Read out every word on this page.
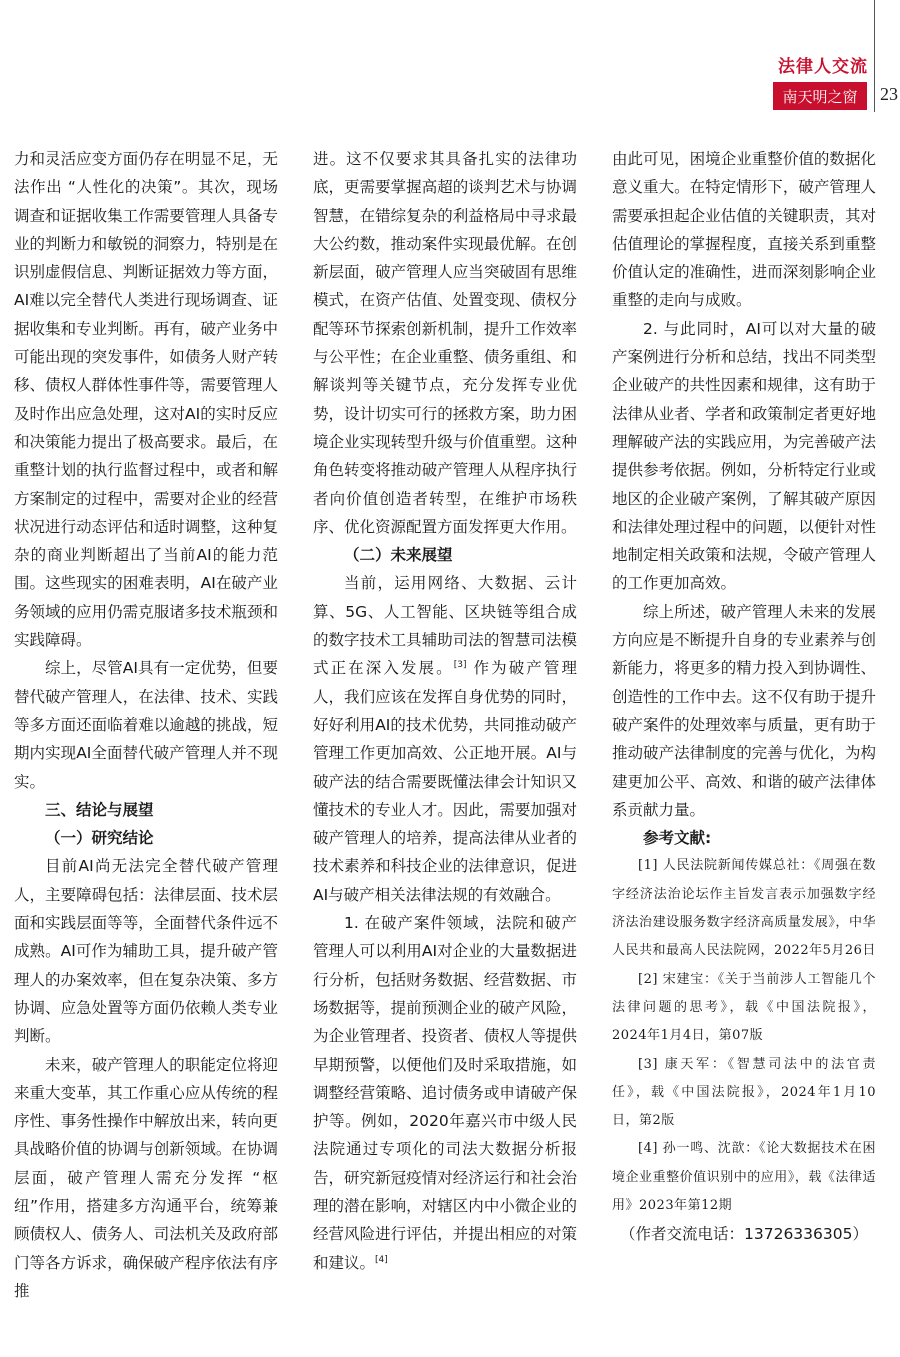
法律人交流
南天明之窗	23

力和灵活应变方面仍存在明显不足，无法作出 “人性化的决策”。其次，现场调查和证据收集工作需要管理人具备专业的判断力和敏锐的洞察力，特别是在识别虚假信息、判断证据效力等方面，AI难以完全替代人类进行现场调查、证据收集和专业判断。再有，破产业务中可能出现的突发事件，如债务人财产转移、债权人群体性事件等，需要管理人及时作出应急处理，这对AI的实时反应和决策能力提出了极高要求。最后，在重整计划的执行监督过程中，或者和解方案制定的过程中，需要对企业的经营状况进行动态评估和适时调整，这种复杂的商业判断超出了当前AI的能力范围。这些现实的困难表明，AI在破产业务领域的应用仍需克服诸多技术瓶颈和实践障碍。

综上，尽管AI具有一定优势，但要替代破产管理人，在法律、技术、实践等多方面还面临着难以逾越的挑战，短期内实现AI全面替代破产管理人并不现实。

三、结论与展望

（一）研究结论

目前AI尚无法完全替代破产管理人，主要障碍包括：法律层面、技术层面和实践层面等等，全面替代条件远不成熟。AI可作为辅助工具，提升破产管理人的办案效率，但在复杂决策、多方协调、应急处置等方面仍依赖人类专业判断。

未来，破产管理人的职能定位将迎来重大变革，其工作重心应从传统的程序性、事务性操作中解放出来，转向更具战略价值的协调与创新领域。在协调层面，破产管理人需充分发挥 “枢纽”作用，搭建多方沟通平台，统筹兼顾债权人、债务人、司法机关及政府部门等各方诉求，确保破产程序依法有序推

进。这不仅要求其具备扎实的法律功底，更需要掌握高超的谈判艺术与协调智慧，在错综复杂的利益格局中寻求最大公约数，推动案件实现最优解。在创新层面，破产管理人应当突破固有思维模式，在资产估值、处置变现、债权分配等环节探索创新机制，提升工作效率与公平性；在企业重整、债务重组、和解谈判等关键节点，充分发挥专业优势，设计切实可行的拯救方案，助力困境企业实现转型升级与价值重塑。这种角色转变将推动破产管理人从程序执行者向价值创造者转型，在维护市场秩序、优化资源配置方面发挥更大作用。

（二）未来展望

当前，运用网络、大数据、云计算、5G、人工智能、区块链等组合成的数字技术工具辅助司法的智慧司法模式正在深入发展。[3] 作为破产管理人，我们应该在发挥自身优势的同时，好好利用AI的技术优势，共同推动破产管理工作更加高效、公正地开展。AI与破产法的结合需要既懂法律会计知识又懂技术的专业人才。因此，需要加强对破产管理人的培养，提高法律从业者的技术素养和科技企业的法律意识，促进AI与破产相关法律法规的有效融合。

1. 在破产案件领域，法院和破产管理人可以利用AI对企业的大量数据进行分析，包括财务数据、经营数据、市场数据等，提前预测企业的破产风险，为企业管理者、投资者、债权人等提供早期预警，以便他们及时采取措施，如调整经营策略、追讨债务或申请破产保护等。例如，2020年嘉兴市中级人民法院通过专项化的司法大数据分析报告，研究新冠疫情对经济运行和社会治理的潜在影响，对辖区内中小微企业的经营风险进行评估，并提出相应的对策和建议。[4]

由此可见，困境企业重整价值的数据化意义重大。在特定情形下，破产管理人需要承担起企业估值的关键职责，其对估值理论的掌握程度，直接关系到重整价值认定的准确性，进而深刻影响企业重整的走向与成败。

2. 与此同时，AI可以对大量的破产案例进行分析和总结，找出不同类型企业破产的共性因素和规律，这有助于法律从业者、学者和政策制定者更好地理解破产法的实践应用，为完善破产法提供参考依据。例如，分析特定行业或地区的企业破产案例，了解其破产原因和法律处理过程中的问题，以便针对性地制定相关政策和法规，令破产管理人的工作更加高效。

综上所述，破产管理人未来的发展方向应是不断提升自身的专业素养与创新能力，将更多的精力投入到协调性、创造性的工作中去。这不仅有助于提升破产案件的处理效率与质量，更有助于推动破产法律制度的完善与优化，为构建更加公平、高效、和谐的破产法律体系贡献力量。

参考文献:

[1] 人民法院新闻传媒总社：《周强在数字经济法治论坛作主旨发言表示加强数字经济法治建设服务数字经济高质量发展》，中华人民共和最高人民法院网，2022年5月26日

[2] 宋建宝：《关于当前涉人工智能几个法律问题的思考》，载《中国法院报》，2024年1月4日，第07版

[3] 康天军：《智慧司法中的法官责任》，载《中国法院报》，2024年1月10日，第2版

[4] 孙一鸣、沈歆：《论大数据技术在困境企业重整价值识别中的应用》，载《法律适用》2023年第12期

（作者交流电话：13726336305）
